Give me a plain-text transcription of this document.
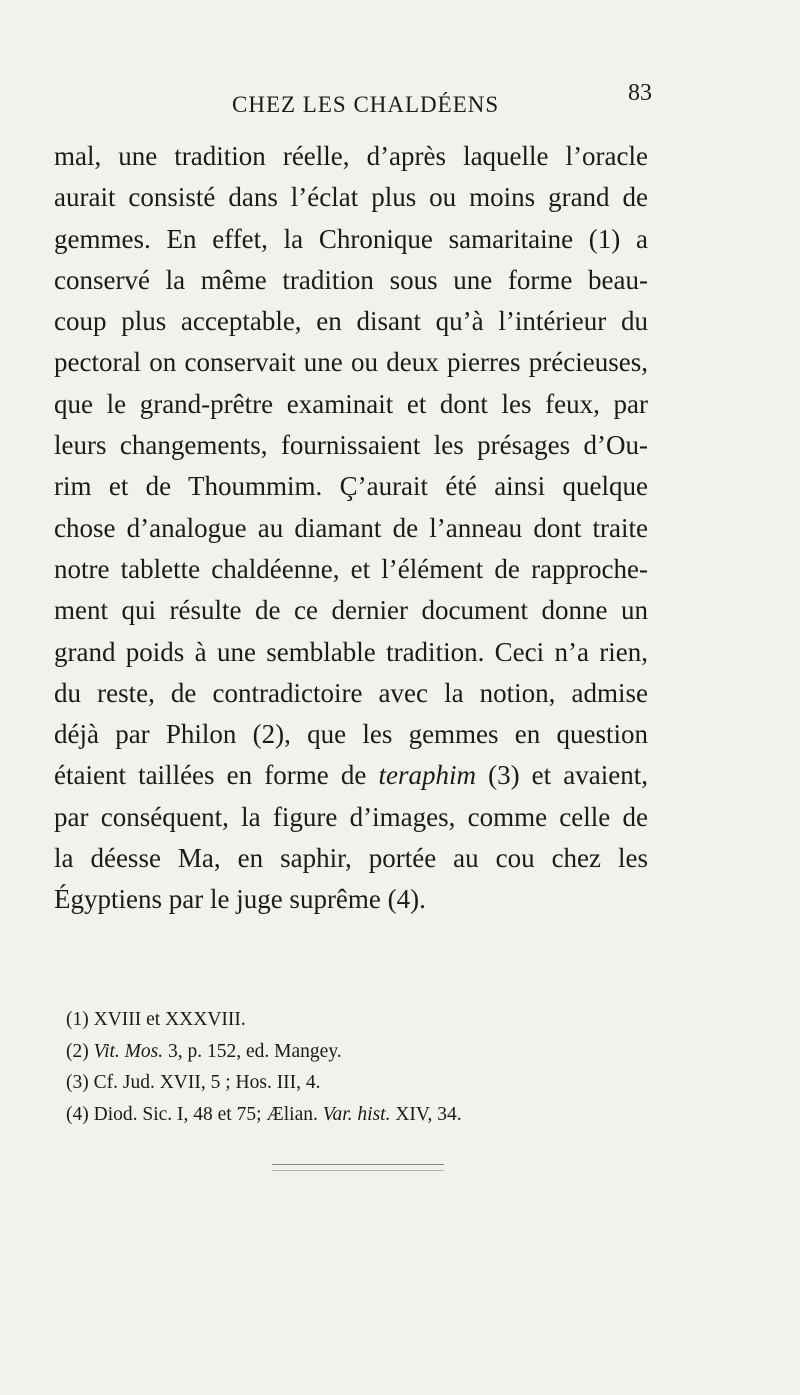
CHEZ LES CHALDÉENS	83
mal, une tradition réelle, d’après laquelle l’oracle
aurait consisté dans l’éclat plus ou moins grand de
gemmes. En effet, la Chronique samaritaine (1) a
conservé la même tradition sous une forme beau-
coup plus acceptable, en disant qu’à l’intérieur du
pectoral on conservait une ou deux pierres précieuses,
que le grand-prêtre examinait et dont les feux, par
leurs changements, fournissaient les présages d’Ou-
rim et de Thoummim. Ç’aurait été ainsi quelque
chose d’analogue au diamant de l’anneau dont traite
notre tablette chaldéenne, et l’élément de rapproche-
ment qui résulte de ce dernier document donne un
grand poids à une semblable tradition. Ceci n’a rien,
du reste, de contradictoire avec la notion, admise
déjà par Philon (2), que les gemmes en question
étaient taillées en forme de teraphim (3) et avaient,
par conséquent, la figure d’images, comme celle de
la déesse Ma, en saphir, portée au cou chez les
Égyptiens par le juge suprême (4).
(1) XVIII et XXXVIII.
(2) Vit. Mos. 3, p. 152, ed. Mangey.
(3) Cf. Jud. XVII, 5 ; Hos. III, 4.
(4) Diod. Sic. I, 48 et 75; Ælian. Var. hist. XIV, 34.
